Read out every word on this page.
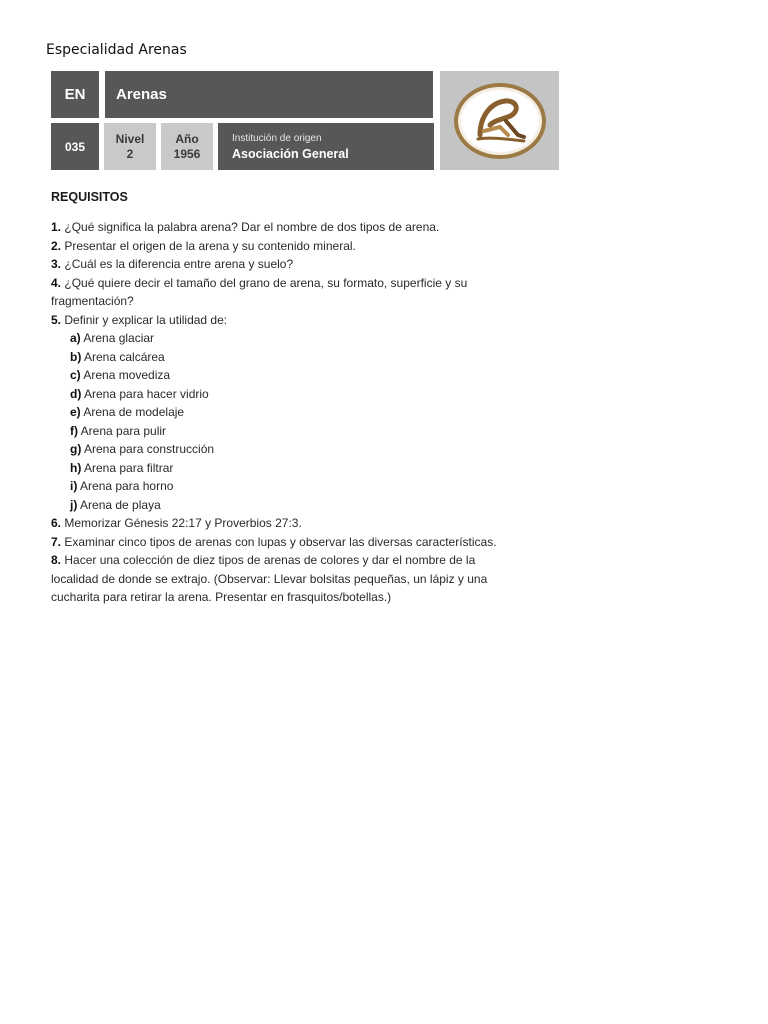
Especialidad Arenas
EN Arenas
035
Nivel
2
Año
1956
Institución de origen
Asociación General
REQUISITOS
1. ¿Qué significa la palabra arena? Dar el nombre de dos tipos de arena.
2. Presentar el origen de la arena y su contenido mineral.
3. ¿Cuál es la diferencia entre arena y suelo?
4. ¿Qué quiere decir el tamaño del grano de arena, su formato, superficie y su
fragmentación?
5. Definir y explicar la utilidad de:
a) Arena glaciar
b) Arena calcárea
c) Arena movediza
d) Arena para hacer vidrio
e) Arena de modelaje
f) Arena para pulir
g) Arena para construcción
h) Arena para filtrar
i) Arena para horno
j) Arena de playa
6. Memorizar Génesis 22:17 y Proverbios 27:3.
7. Examinar cinco tipos de arenas con lupas y observar las diversas características.
8. Hacer una colección de diez tipos de arenas de colores y dar el nombre de la
localidad de donde se extrajo. (Observar: Llevar bolsitas pequeñas, un lápiz y una
cucharita para retirar la arena. Presentar en frasquitos/botellas.)
